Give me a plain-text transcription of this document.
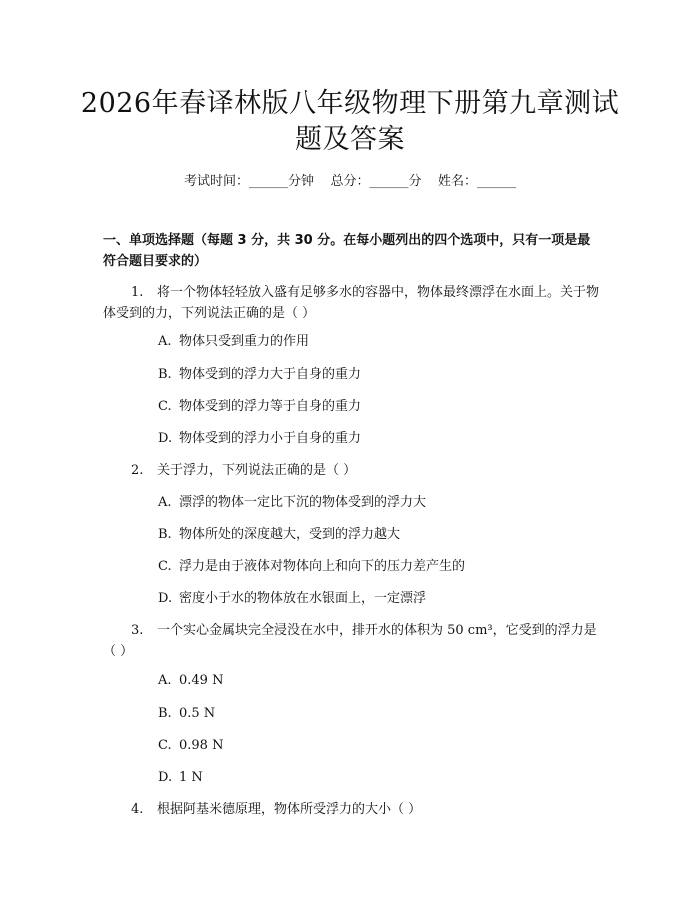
2026年春译林版八年级物理下册第九章测试题及答案
考试时间：______分钟    总分：______分    姓名：______
一、单项选择题（每题 3 分，共 30 分。在每小题列出的四个选项中，只有一项是最符合题目要求的）
1. 将一个物体轻轻放入盛有足够多水的容器中，物体最终漂浮在水面上。关于物体受到的力，下列说法正确的是（ ）
A. 物体只受到重力的作用
B. 物体受到的浮力大于自身的重力
C. 物体受到的浮力等于自身的重力
D. 物体受到的浮力小于自身的重力
2. 关于浮力，下列说法正确的是（ ）
A. 漂浮的物体一定比下沉的物体受到的浮力大
B. 物体所处的深度越大，受到的浮力越大
C. 浮力是由于液体对物体向上和向下的压力差产生的
D. 密度小于水的物体放在水银面上，一定漂浮
3. 一个实心金属块完全浸没在水中，排开水的体积为 50 cm³，它受到的浮力是（ ）
A. 0.49 N
B. 0.5 N
C. 0.98 N
D. 1 N
4. 根据阿基米德原理，物体所受浮力的大小（ ）
